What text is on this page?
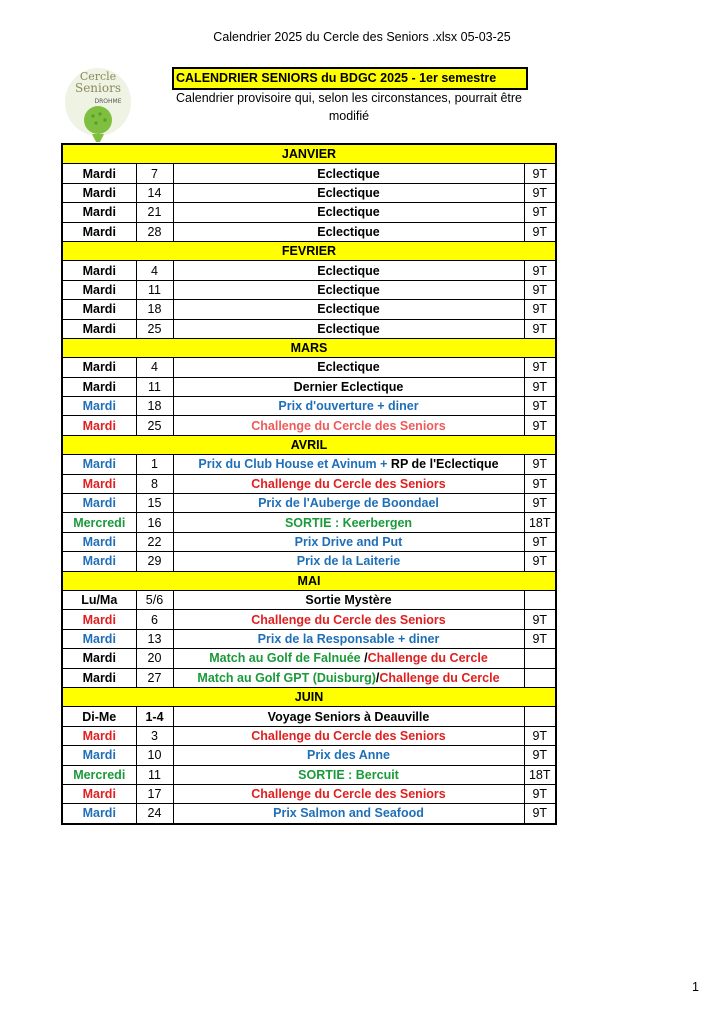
Calendrier 2025 du Cercle des Seniors .xlsx 05-03-25
Cercle
Seniors
DROHME
CALENDRIER SENIORS du BDGC 2025 - 1er semestre
Calendrier provisoire qui, selon les circonstances, pourrait être modifié
JANVIER			
Mardi	7	Eclectique	9T
Mardi	14	Eclectique	9T
Mardi	21	Eclectique	9T
Mardi	28	Eclectique	9T
FEVRIER			
Mardi	4	Eclectique	9T
Mardi	11	Eclectique	9T
Mardi	18	Eclectique	9T
Mardi	25	Eclectique	9T
MARS			
Mardi	4	Eclectique	9T
Mardi	11	Dernier Eclectique	9T
Mardi	18	Prix d'ouverture + diner	9T
Mardi	25	Challenge du Cercle des Seniors	9T
AVRIL			
Mardi	1	Prix du Club House et Avinum + RP de l'Eclectique	9T
Mardi	8	Challenge du Cercle des Seniors	9T
Mardi	15	Prix de l'Auberge de Boondael	9T
Mercredi	16	SORTIE : Keerbergen	18T
Mardi	22	Prix Drive and Put	9T
Mardi	29	Prix de la Laiterie	9T
MAI			
Lu/Ma	5/6	Sortie Mystère	
Mardi	6	Challenge du Cercle des Seniors	9T
Mardi	13	Prix de la Responsable + diner	9T
Mardi	20	Match au Golf de Falnuée /Challenge du Cercle	
Mardi	27	Match au Golf GPT (Duisburg)/Challenge du Cercle	
JUIN			
Di-Me	1-4	Voyage Seniors à Deauville	
Mardi	3	Challenge du Cercle des Seniors	9T
Mardi	10	Prix des Anne	9T
Mercredi	11	SORTIE : Bercuit	18T
Mardi	17	Challenge du Cercle des Seniors	9T
Mardi	24	Prix Salmon and Seafood	9T
1
